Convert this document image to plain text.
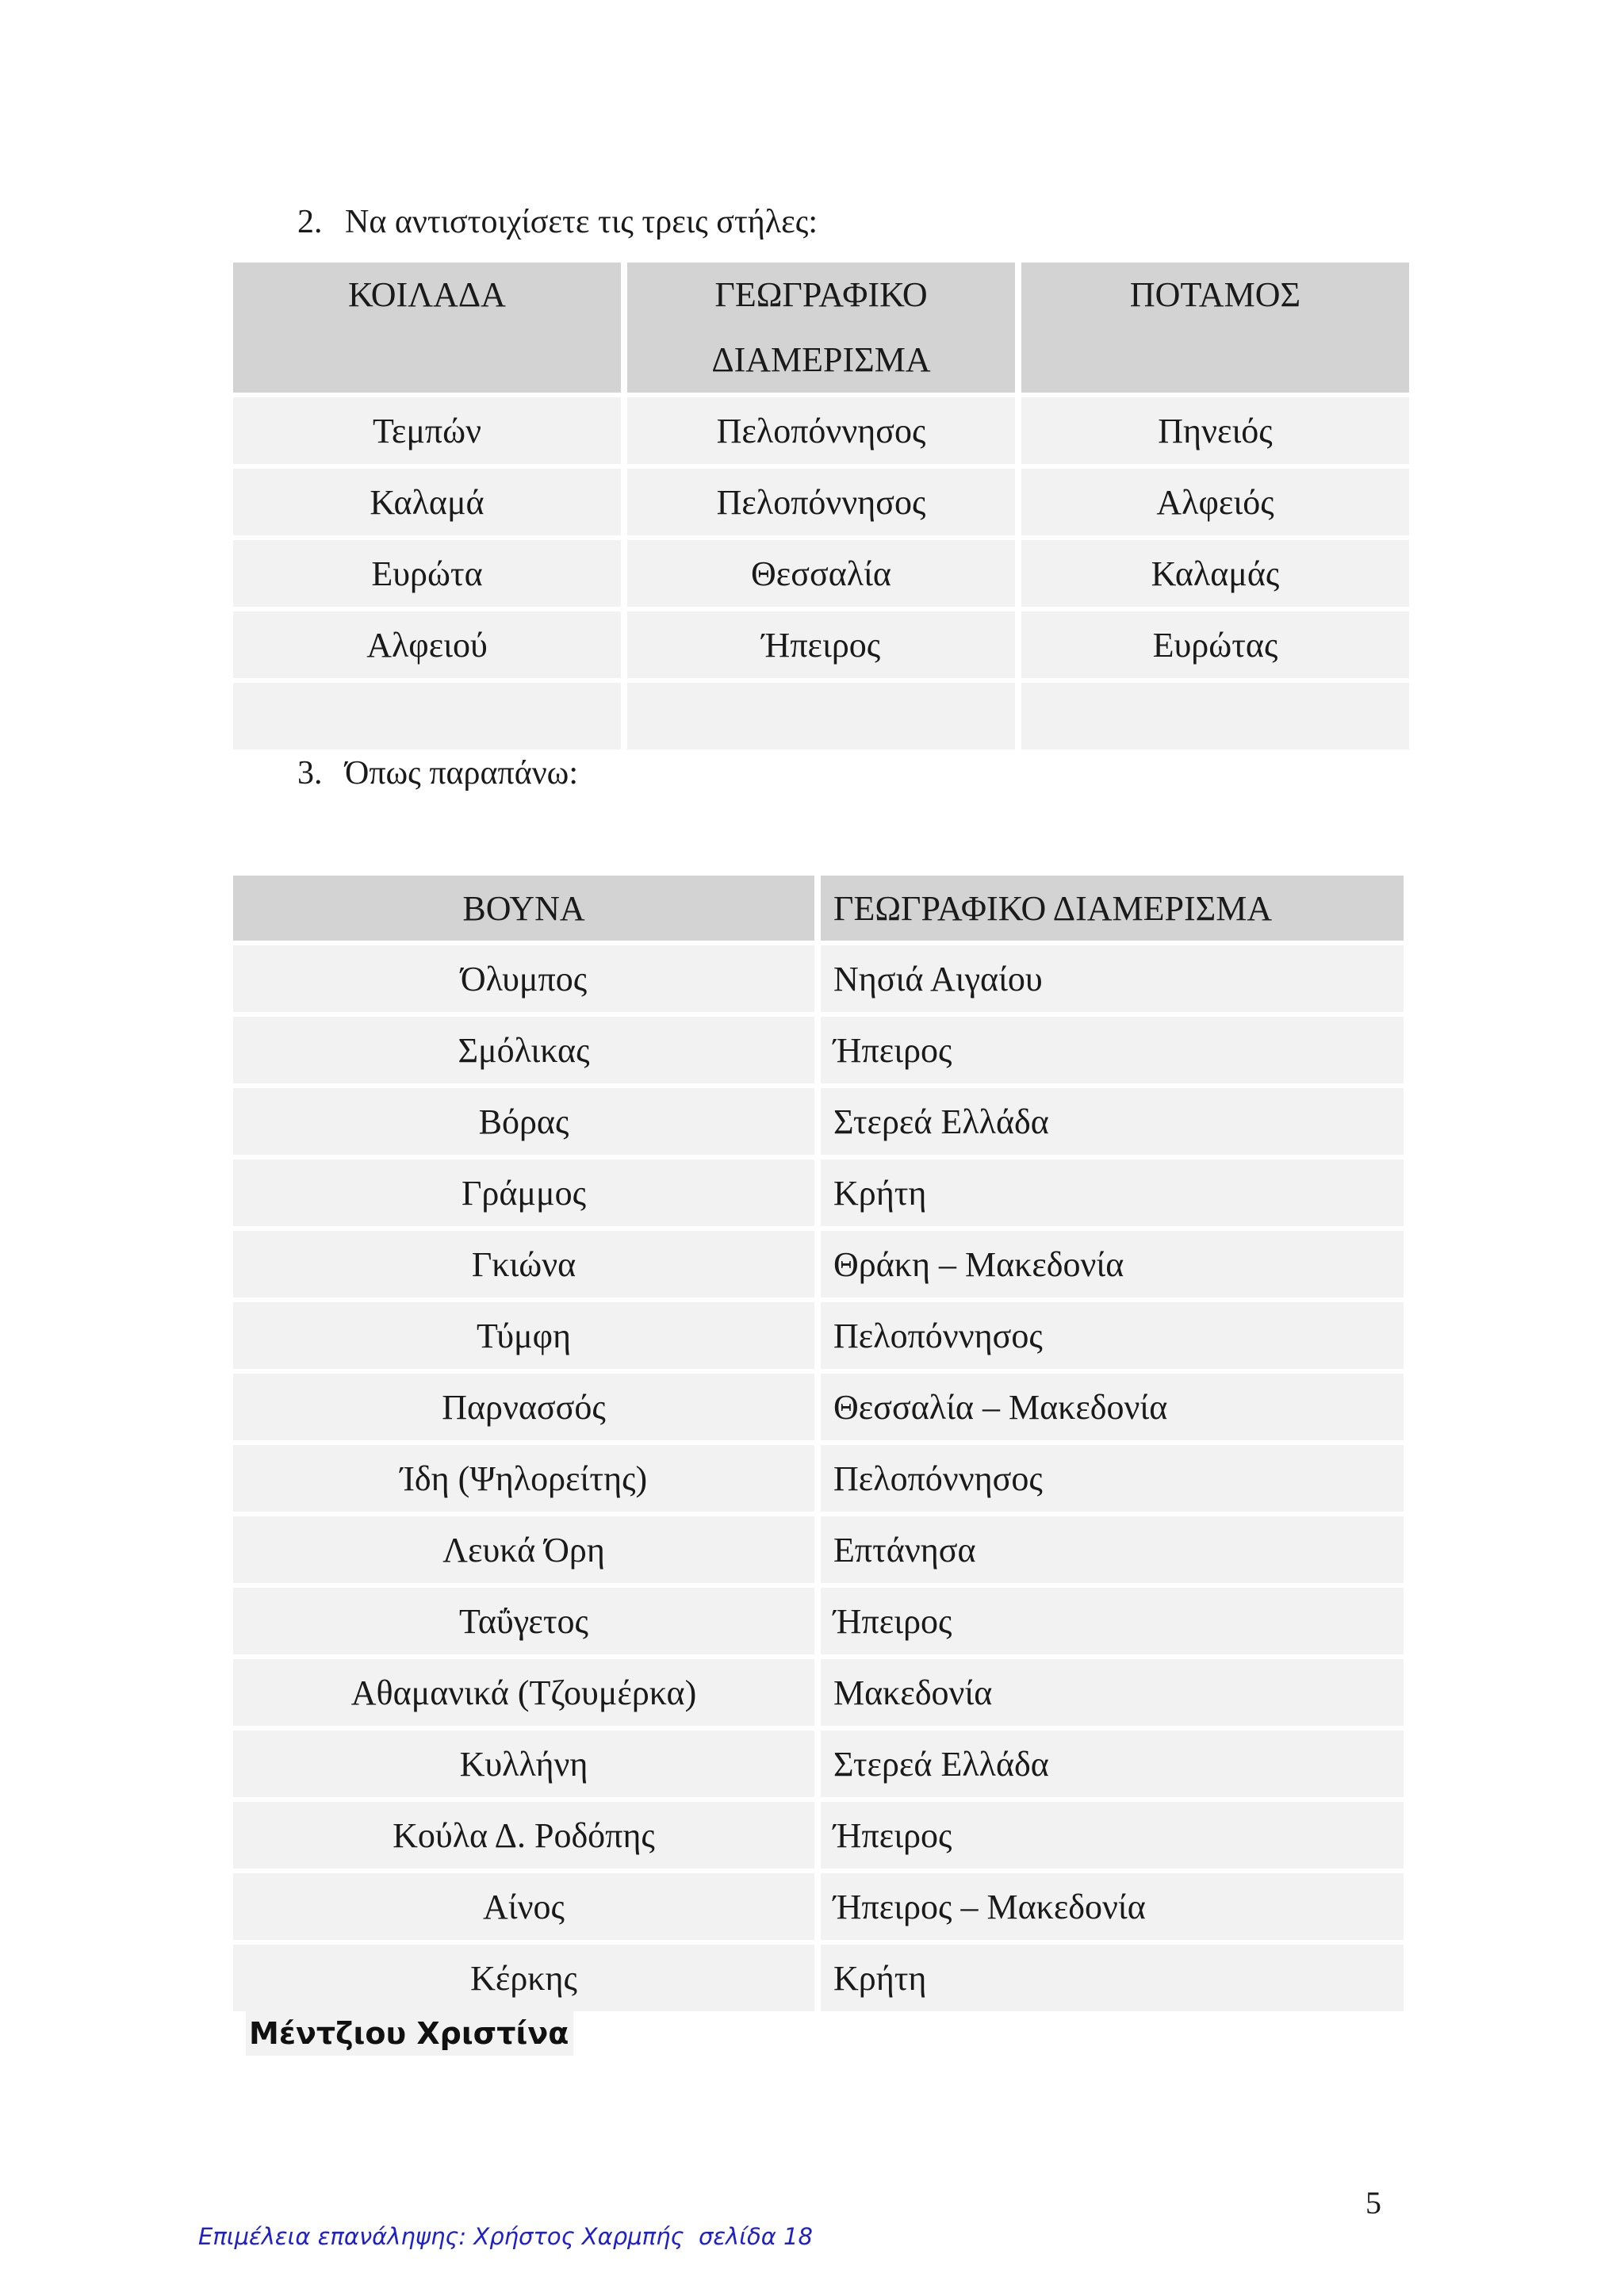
2. Να αντιστοιχίσετε τις τρεις στήλες:
ΚΟΙΛΑΔΑ	ΓΕΩΓΡΑΦΙΚΟ ΔΙΑΜΕΡΙΣΜΑ	ΠΟΤΑΜΟΣ
Τεμπών	Πελοπόννησος	Πηνειός
Καλαμά	Πελοπόννησος	Αλφειός
Ευρώτα	Θεσσαλία	Καλαμάς
Αλφειού	Ήπειρος	Ευρώτας

3. Όπως παραπάνω:
ΒΟΥΝΑ	ΓΕΩΓΡΑΦΙΚΟ ΔΙΑΜΕΡΙΣΜΑ
Όλυμπος	Νησιά Αιγαίου
Σμόλικας	Ήπειρος
Βόρας	Στερεά Ελλάδα
Γράμμος	Κρήτη
Γκιώνα	Θράκη – Μακεδονία
Τύμφη	Πελοπόννησος
Παρνασσός	Θεσσαλία – Μακεδονία
Ίδη (Ψηλορείτης)	Πελοπόννησος
Λευκά Όρη	Επτάνησα
Ταΰγετος	Ήπειρος
Αθαμανικά (Τζουμέρκα)	Μακεδονία
Κυλλήνη	Στερεά Ελλάδα
Κούλα Δ. Ροδόπης	Ήπειρος
Αίνος	Ήπειρος – Μακεδονία
Κέρκης	Κρήτη
Μέντζιου Χριστίνα
5
Επιμέλεια επανάληψης: Χρήστος Χαρμπής  σελίδα 18
